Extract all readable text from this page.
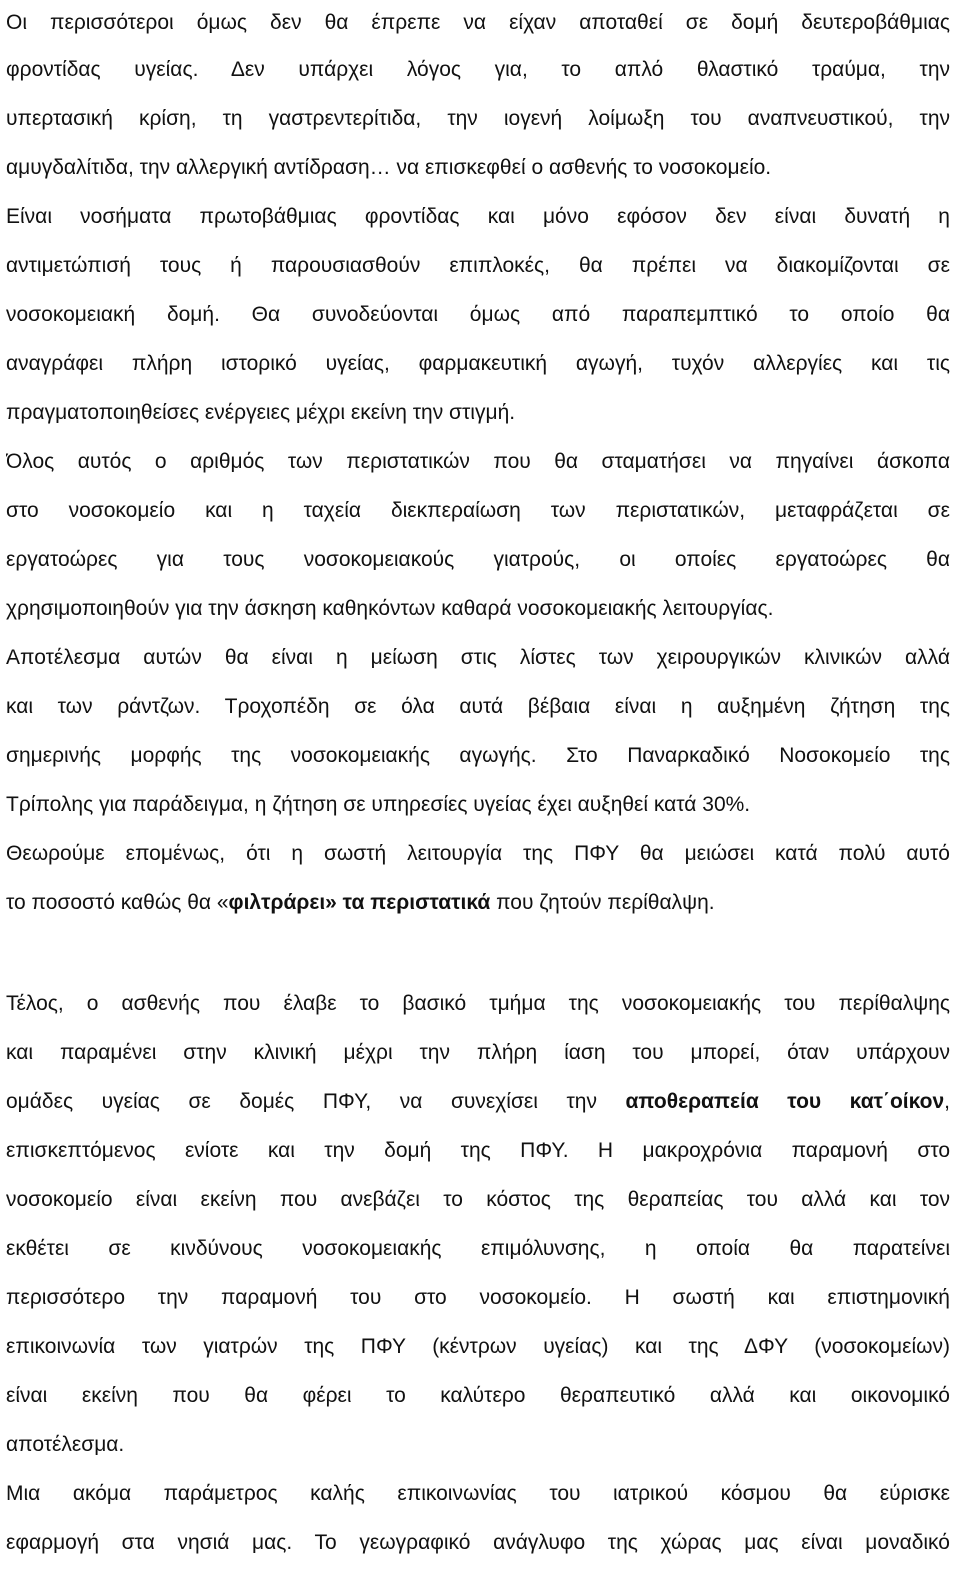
Οι περισσότεροι όμως δεν θα έπρεπε να είχαν αποταθεί σε δομή δευτεροβάθμιας
φροντίδας υγείας. Δεν υπάρχει λόγος για, το απλό θλαστικό τραύμα, την
υπερτασική κρίση, τη γαστρεντερίτιδα, την ιογενή λοίμωξη του αναπνευστικού, την
αμυγδαλίτιδα, την αλλεργική αντίδραση… να επισκεφθεί ο ασθενής το νοσοκομείο.
Είναι νοσήματα πρωτοβάθμιας φροντίδας και μόνο εφόσον δεν είναι δυνατή η
αντιμετώπισή τους ή παρουσιασθούν επιπλοκές, θα πρέπει να διακομίζονται σε
νοσοκομειακή δομή. Θα συνοδεύονται όμως από παραπεμπτικό το οποίο θα
αναγράφει πλήρη ιστορικό υγείας, φαρμακευτική αγωγή, τυχόν αλλεργίες και τις
πραγματοποιηθείσες ενέργειες μέχρι εκείνη την στιγμή.
Όλος αυτός ο αριθμός των περιστατικών που θα σταματήσει να πηγαίνει άσκοπα
στο νοσοκομείο και η ταχεία διεκπεραίωση των περιστατικών, μεταφράζεται σε
εργατοώρες για τους νοσοκομειακούς γιατρούς, οι οποίες εργατοώρες θα
χρησιμοποιηθούν για την άσκηση καθηκόντων καθαρά νοσοκομειακής λειτουργίας.
Αποτέλεσμα αυτών θα είναι η μείωση στις λίστες των χειρουργικών κλινικών αλλά
και των ράντζων. Τροχοπέδη σε όλα αυτά βέβαια είναι η αυξημένη ζήτηση της
σημερινής μορφής της νοσοκομειακής αγωγής. Στο Παναρκαδικό Νοσοκομείο της
Τρίπολης για παράδειγμα, η ζήτηση σε υπηρεσίες υγείας έχει αυξηθεί κατά 30%.
Θεωρούμε επομένως, ότι η σωστή λειτουργία της ΠΦΥ θα μειώσει κατά πολύ αυτό
το ποσοστό καθώς θα «φιλτράρει» τα περιστατικά που ζητούν περίθαλψη.
Τέλος, ο ασθενής που έλαβε το βασικό τμήμα της νοσοκομειακής του περίθαλψης
και παραμένει στην κλινική μέχρι την πλήρη ίαση του μπορεί, όταν υπάρχουν
ομάδες υγείας σε δομές ΠΦΥ, να συνεχίσει την αποθεραπεία του κατ΄οίκον,
επισκεπτόμενος ενίοτε και την δομή της ΠΦΥ. Η μακροχρόνια παραμονή στο
νοσοκομείο είναι εκείνη που ανεβάζει το κόστος της θεραπείας του αλλά και τον
εκθέτει σε κινδύνους νοσοκομειακής επιμόλυνσης, η οποία θα παρατείνει
περισσότερο την παραμονή του στο νοσοκομείο. Η σωστή και επιστημονική
επικοινωνία των γιατρών της ΠΦΥ (κέντρων υγείας) και της ΔΦΥ (νοσοκομείων)
είναι εκείνη που θα φέρει το καλύτερο θεραπευτικό αλλά και οικονομικό
αποτέλεσμα.
Μια ακόμα παράμετρος καλής επικοινωνίας του ιατρικού κόσμου θα εύρισκε
εφαρμογή στα νησιά μας. Το γεωγραφικό ανάγλυφο της χώρας μας είναι μοναδικό
